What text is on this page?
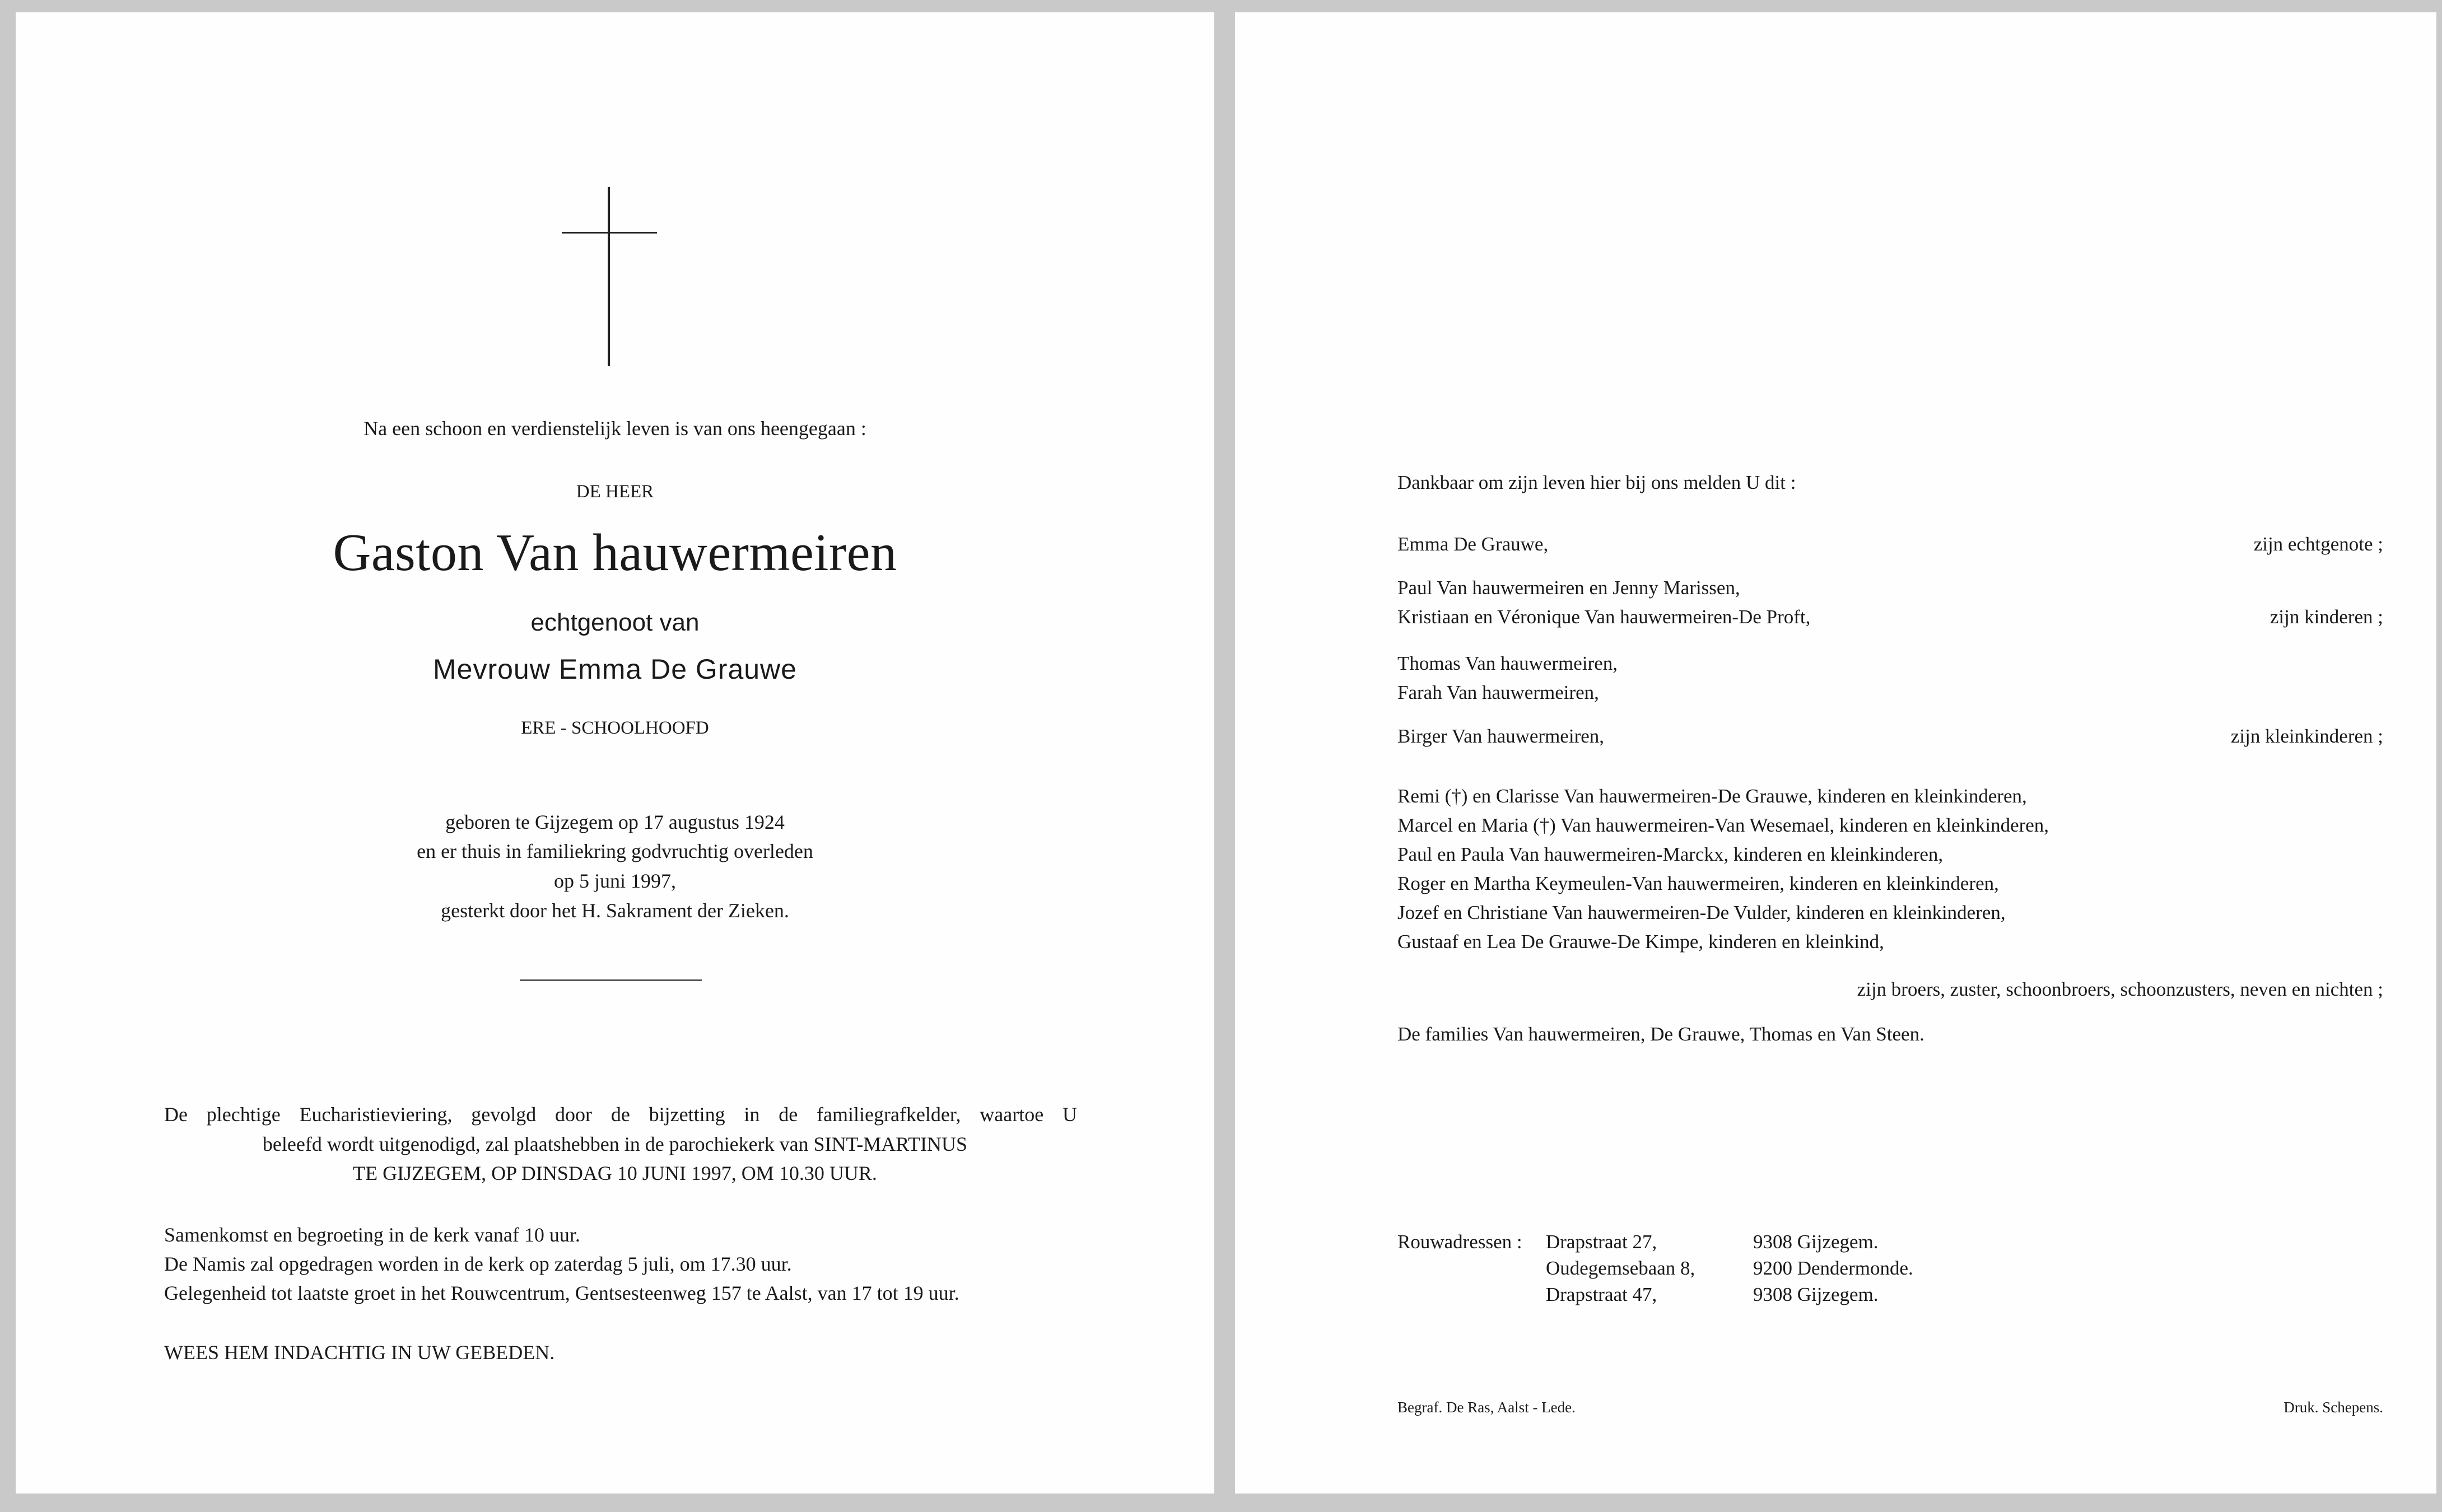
Na een schoon en verdienstelijk leven is van ons heengegaan :
DE HEER
Gaston Van hauwermeiren
echtgenoot van
Mevrouw Emma De Grauwe
ERE - SCHOOLHOOFD
geboren te Gijzegem op 17 augustus 1924
en er thuis in familiekring godvruchtig overleden
op 5 juni 1997,
gesterkt door het H. Sakrament der Zieken.
De plechtige Eucharistieviering, gevolgd door de bijzetting in de familiegrafkelder, waartoe U
beleefd wordt uitgenodigd, zal plaatshebben in de parochiekerk van SINT-MARTINUS
TE GIJZEGEM, OP DINSDAG 10 JUNI 1997, OM 10.30 UUR.
Samenkomst en begroeting in de kerk vanaf 10 uur.
De Namis zal opgedragen worden in de kerk op zaterdag 5 juli, om 17.30 uur.
Gelegenheid tot laatste groet in het Rouwcentrum, Gentsesteenweg 157 te Aalst, van 17 tot 19 uur.
WEES HEM INDACHTIG IN UW GEBEDEN.
Dankbaar om zijn leven hier bij ons melden U dit :
Emma De Grauwe,	zijn echtgenote ;
Paul Van hauwermeiren en Jenny Marissen,
Kristiaan en Véronique Van hauwermeiren-De Proft,	zijn kinderen ;
Thomas Van hauwermeiren,
Farah Van hauwermeiren,
Birger Van hauwermeiren,	zijn kleinkinderen ;
Remi (†) en Clarisse Van hauwermeiren-De Grauwe, kinderen en kleinkinderen,
Marcel en Maria (†) Van hauwermeiren-Van Wesemael, kinderen en kleinkinderen,
Paul en Paula Van hauwermeiren-Marckx, kinderen en kleinkinderen,
Roger en Martha Keymeulen-Van hauwermeiren, kinderen en kleinkinderen,
Jozef en Christiane Van hauwermeiren-De Vulder, kinderen en kleinkinderen,
Gustaaf en Lea De Grauwe-De Kimpe, kinderen en kleinkind,
zijn broers, zuster, schoonbroers, schoonzusters, neven en nichten ;
De families Van hauwermeiren, De Grauwe, Thomas en Van Steen.
Rouwadressen : Drapstraat 27,	9308 Gijzegem.
Oudegemsebaan 8,	9200 Dendermonde.
Drapstraat 47,	9308 Gijzegem.
Begraf. De Ras, Aalst - Lede.	Druk. Schepens.
